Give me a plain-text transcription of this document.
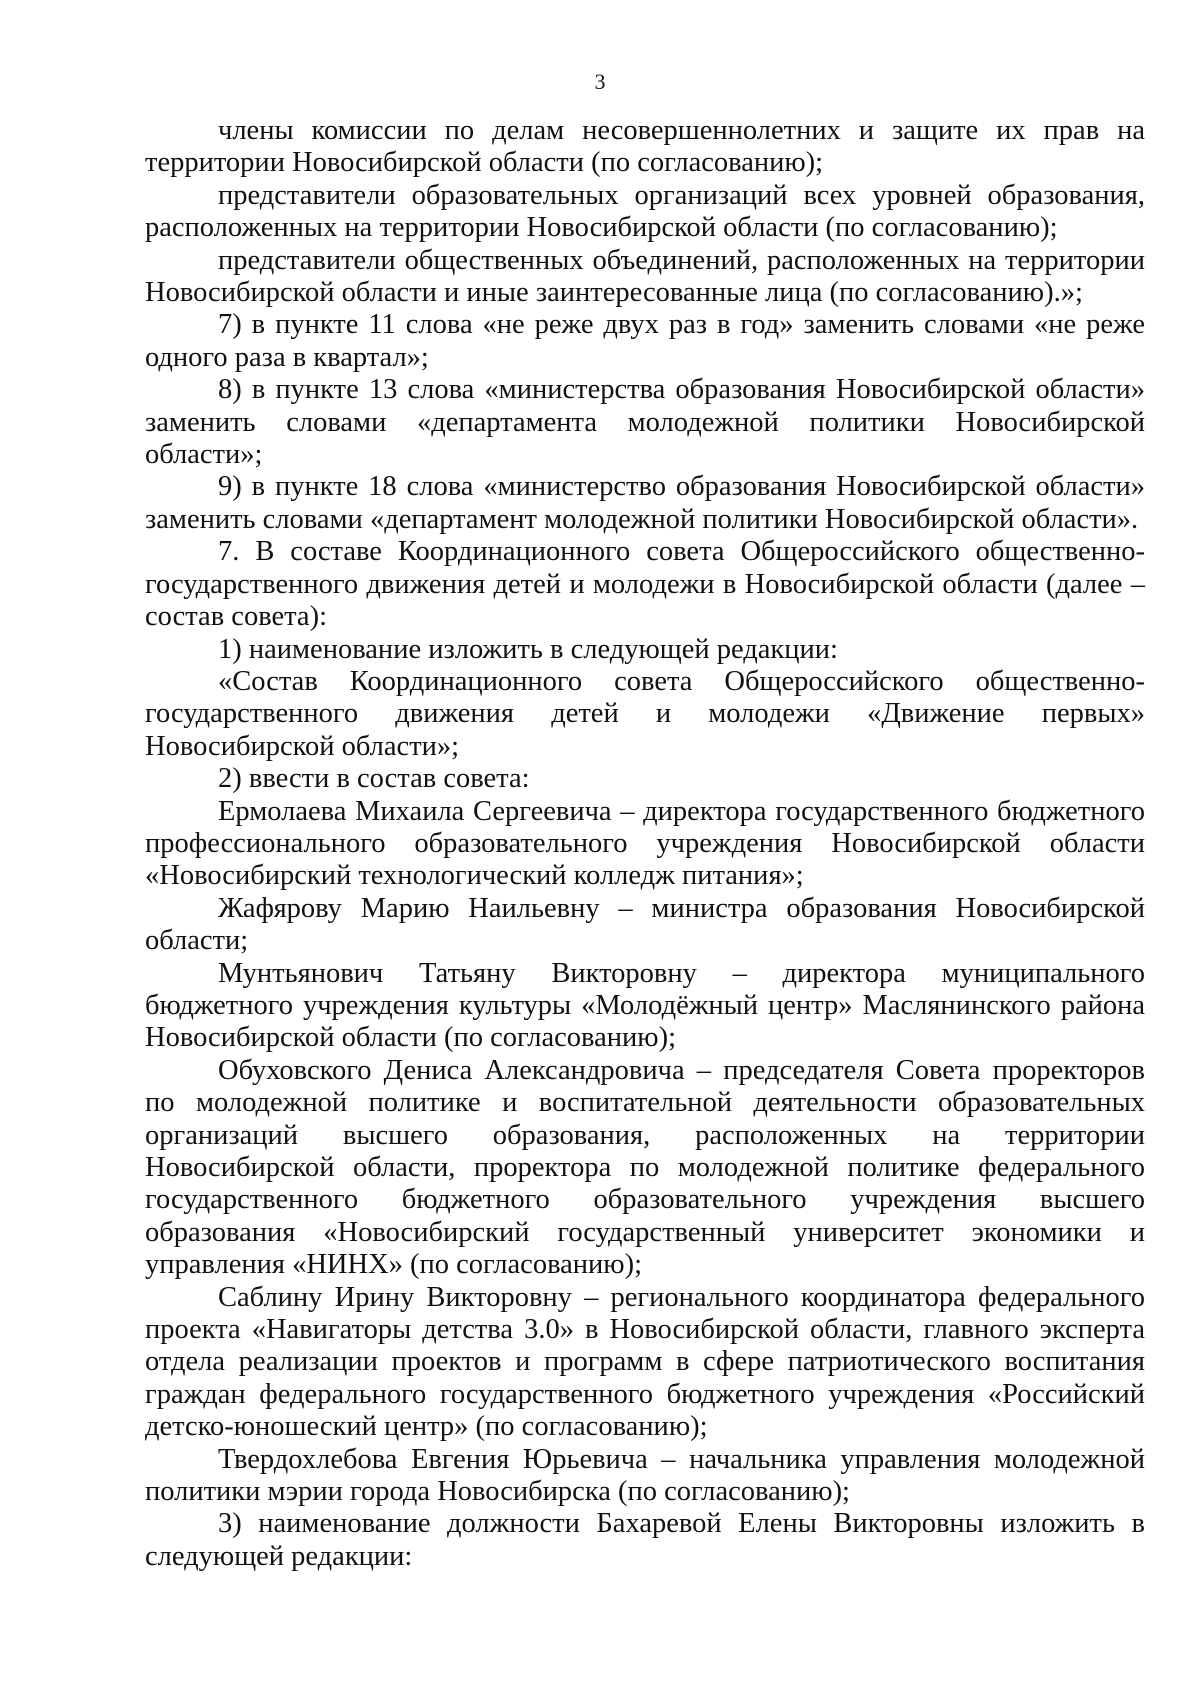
3

члены комиссии по делам несовершеннолетних и защите их прав на территории Новосибирской области (по согласованию);

представители образовательных организаций всех уровней образования, расположенных на территории Новосибирской области (по согласованию);

представители общественных объединений, расположенных на территории Новосибирской области и иные заинтересованные лица (по согласованию).»;

7) в пункте 11 слова «не реже двух раз в год» заменить словами «не реже одного раза в квартал»;

8) в пункте 13 слова «министерства образования Новосибирской области» заменить словами «департамента молодежной политики Новосибирской области»;

9) в пункте 18 слова «министерство образования Новосибирской области» заменить словами «департамент молодежной политики Новосибирской области».

7. В составе Координационного совета Общероссийского общественно-государственного движения детей и молодежи в Новосибирской области (далее – состав совета):

1) наименование изложить в следующей редакции:

«Состав Координационного совета Общероссийского общественно-государственного движения детей и молодежи «Движение первых» Новосибирской области»;

2) ввести в состав совета:

Ермолаева Михаила Сергеевича – директора государственного бюджетного профессионального образовательного учреждения Новосибирской области «Новосибирский технологический колледж питания»;

Жафярову Марию Наильевну – министра образования Новосибирской области;

Мунтьянович Татьяну Викторовну – директора муниципального бюджетного учреждения культуры «Молодёжный центр» Маслянинского района Новосибирской области (по согласованию);

Обуховского Дениса Александровича – председателя Совета проректоров по молодежной политике и воспитательной деятельности образовательных организаций высшего образования, расположенных на территории Новосибирской области, проректора по молодежной политике федерального государственного бюджетного образовательного учреждения высшего образования «Новосибирский государственный университет экономики и управления «НИНХ» (по согласованию);

Саблину Ирину Викторовну – регионального координатора федерального проекта «Навигаторы детства 3.0» в Новосибирской области, главного эксперта отдела реализации проектов и программ в сфере патриотического воспитания граждан федерального государственного бюджетного учреждения «Российский детско-юношеский центр» (по согласованию);

Твердохлебова Евгения Юрьевича – начальника управления молодежной политики мэрии города Новосибирска (по согласованию);

3) наименование должности Бахаревой Елены Викторовны изложить в следующей редакции:
